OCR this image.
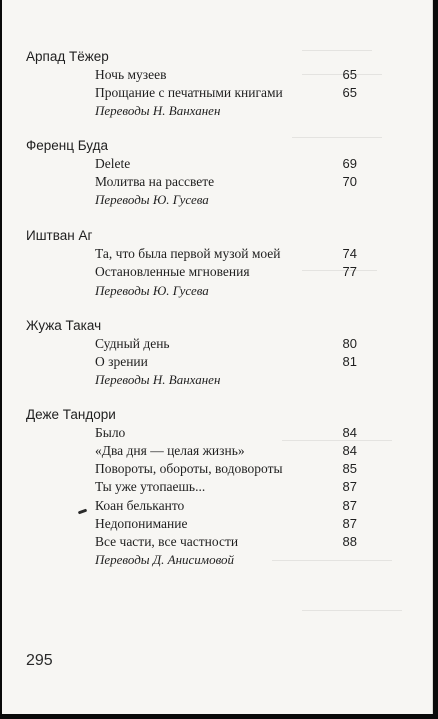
Арпад Тёжер
Ночь музеев	65
Прощание с печатными книгами	65
Переводы Н. Ванханен
Ференц Буда
Delete	69
Молитва на рассвете	70
Переводы Ю. Гусева
Иштван Аг
Та, что была первой музой моей	74
Остановленные мгновения	77
Переводы Ю. Гусева
Жужа Такач
Судный день	80
О зрении	81
Переводы Н. Ванханен
Деже Тандори
Было	84
«Два дня — целая жизнь»	84
Повороты, обороты, водовороты	85
Ты уже утопаешь...	87
Коан бельканто	87
Недопонимание	87
Все части, все частности	88
Переводы Д. Анисимовой
295
